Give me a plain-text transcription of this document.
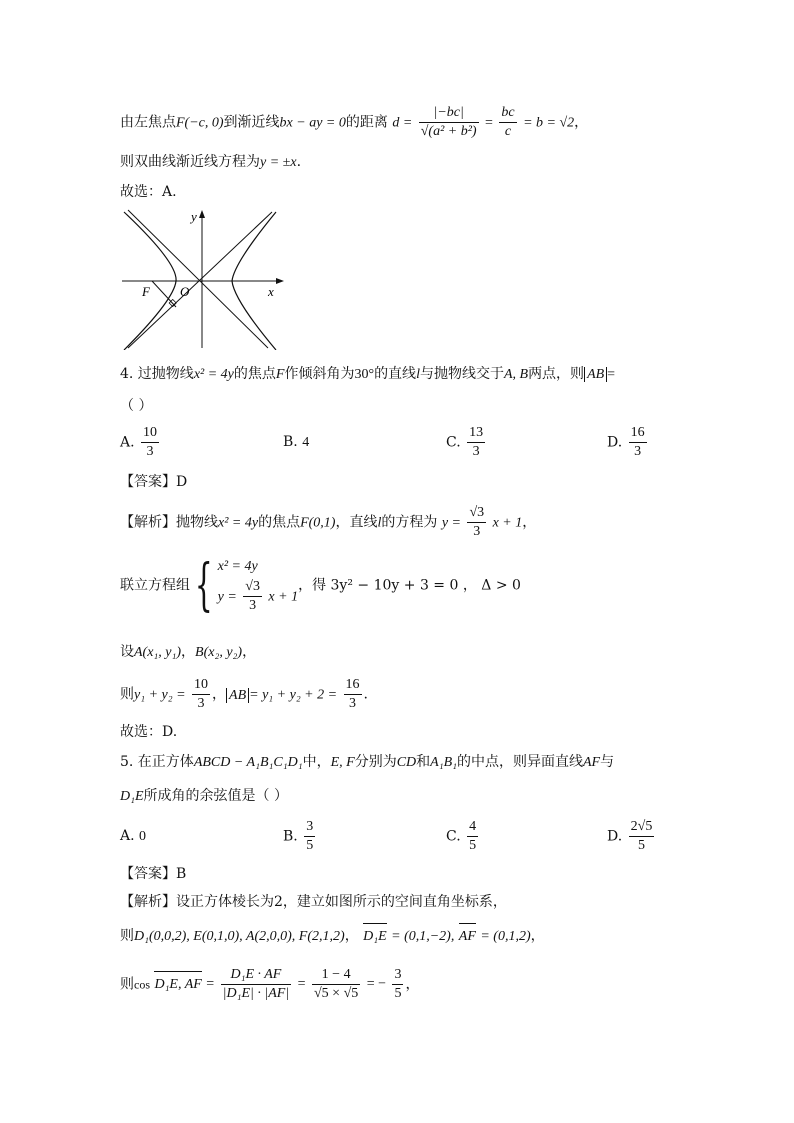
由左焦点F(−c, 0)到渐近线bx − ay = 0的距离 $d = \frac{|-bc|}{\text{√(a² + b²)}} = \frac{bc}{c} = b = √2$，
则双曲线渐近线方程为y = ±x.
故选：A.
y
x
F O
4. 过抛物线x² = 4y的焦点F作倾斜角为30°的直线l与抛物线交于A, B两点，则 AB =
（ ）
A. $\frac{10}{3}$	B. 4	C. $\frac{13}{3}$	D. $\frac{16}{3}$
【答案】D
【解析】抛物线x² = 4y的焦点F(0,1)，直线l的方程为 $y = \frac{√3}{3}$ x + 1，
联立方程组{ x² = 4y
$y = \frac{√3}{3}$ x + 1
，得 3y² − 10y + 3 = 0 ， Δ > 0
设A(x₁, y₁)，B(x₂, y₂)，
则$y_1 + y_2 = \frac{10}{3}$ ， AB = $y_1 + y_2 + 2 = \frac{16}{3}$ .
故选：D.
5. 在正方体ABCD − A₁B₁C₁D₁中，E, F分别为CD和A₁B₁的中点，则异面直线AF与
D₁E所成角的余弦值是（ ）
A. 0	B. $\frac{3}{5}$	C. $\frac{4}{5}$	D. $\frac{2√5}{5}$
【答案】B
【解析】设正方体棱长为2，建立如图所示的空间直角坐标系，
则D₁(0,0,2), E(0,1,0), A(2,0,0), F(2,1,2)， D₁E = (0,1,−2), AF = (0,1,2)，
则cos D₁E, AF = $\frac{\text{D₁E · AF}}{\text{|D₁E| · |AF|}} = \frac{1 - 4}{√5 \times √5}$ = − $\frac{3}{5}$ ，
